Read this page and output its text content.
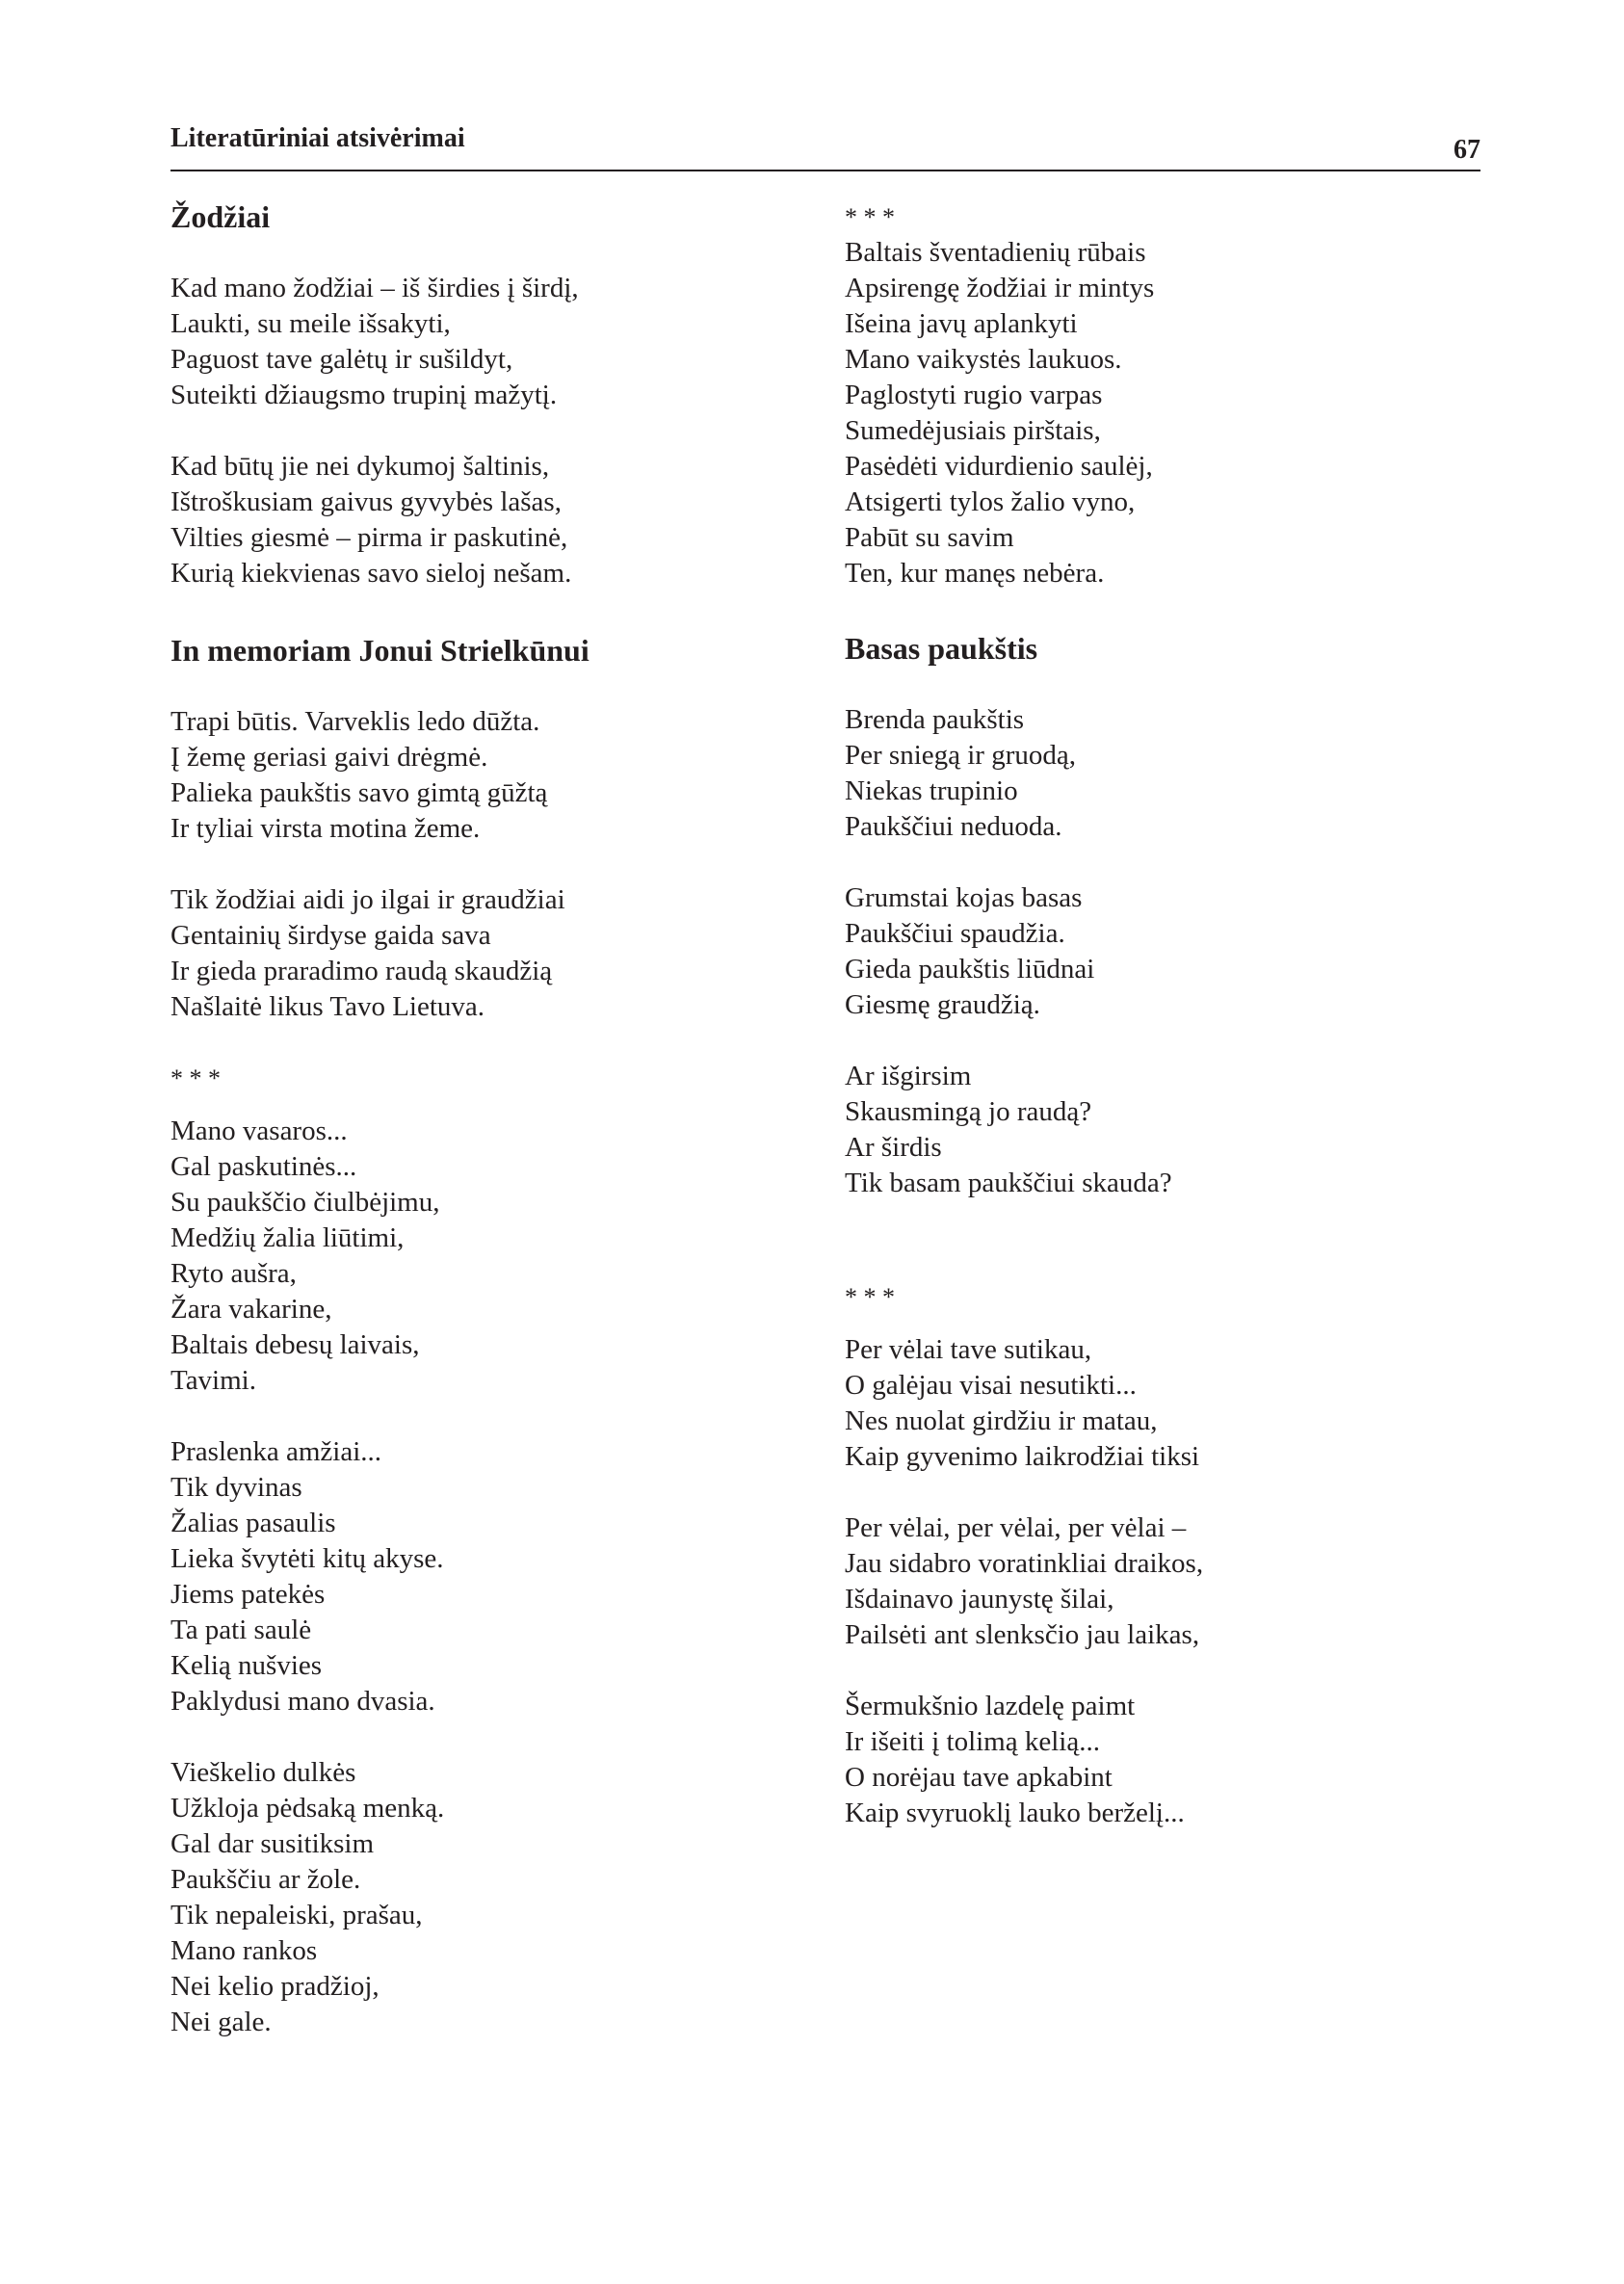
Literatūriniai atsivėrimai	67
Žodžiai
Kad mano žodžiai – iš širdies į širdį,
Laukti, su meile išsakyti,
Paguost tave galėtų ir sušildyt,
Suteikti džiaugsmo trupinį mažytį.
Kad būtų jie nei dykumoj šaltinis,
Ištroškusiam gaivus gyvybės lašas,
Vilties giesmė – pirma ir paskutinė,
Kurią kiekvienas savo sieloj nešam.
In memoriam Jonui Strielkūnui
Trapi būtis. Varveklis ledo dūžta.
Į žemę geriasi gaivi drėgmė.
Palieka paukštis savo gimtą gūžtą
Ir tyliai virsta motina žeme.
Tik žodžiai aidi jo ilgai ir graudžiai
Gentainių širdyse gaida sava
Ir gieda praradimo raudą skaudžią
Našlaitė likus Tavo Lietuva.
* * *
Mano vasaros...
Gal paskutinės...
Su paukščio čiulbėjimu,
Medžių žalia liūtimi,
Ryto aušra,
Žara vakarine,
Baltais debesų laivais,
Tavimi.
Praslenka amžiai...
Tik dyvinas
Žalias pasaulis
Lieka švytėti kitų akyse.
Jiems patekės
Ta pati saulė
Kelią nušvies
Paklydusi mano dvasia.
Vieškelio dulkės
Užkloja pėdsaką menką.
Gal dar susitiksim
Paukščiu ar žole.
Tik nepaleiski, prašau,
Mano rankos
Nei kelio pradžioj,
Nei gale.
* * *
Baltais šventadienių rūbais
Apsirengę žodžiai ir mintys
Išeina javų aplankyti
Mano vaikystės laukuos.
Paglostyti rugio varpas
Sumedėjusiais pirštais,
Pasėdėti vidurdienio saulėj,
Atsigerti tylos žalio vyno,
Pabūt su savim
Ten, kur manęs nebėra.
Basas paukštis
Brenda paukštis
Per sniegą ir gruodą,
Niekas trupinio
Paukščiui neduoda.
Grumstai kojas basas
Paukščiui spaudžia.
Gieda paukštis liūdnai
Giesmę graudžią.
Ar išgirsim
Skausmingą jo raudą?
Ar širdis
Tik basam paukščiui skauda?
* * *
Per vėlai tave sutikau,
O galėjau visai nesutikti...
Nes nuolat girdžiu ir matau,
Kaip gyvenimo laikrodžiai tiksi
Per vėlai, per vėlai, per vėlai –
Jau sidabro voratinkliai draikos,
Išdainavo jaunystę šilai,
Pailsėti ant slenksčio jau laikas,
Šermukšnio lazdelę paimt
Ir išeiti į tolimą kelią...
O norėjau tave apkabint
Kaip svyruoklį lauko berželį...
